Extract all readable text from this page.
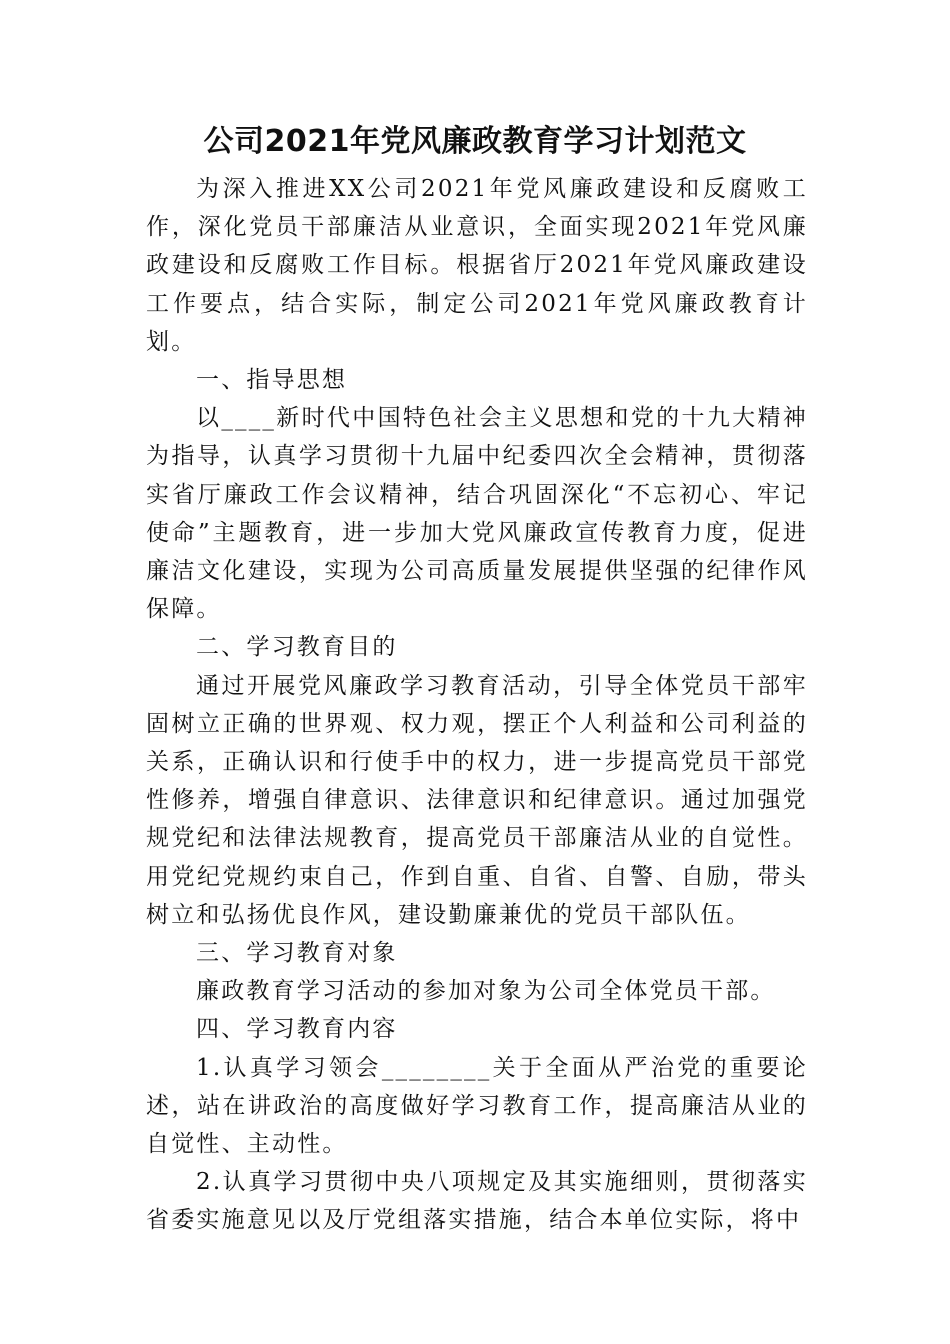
公司2021年党风廉政教育学习计划范文

为深入推进XX公司2021年党风廉政建设和反腐败工作，深化党员干部廉洁从业意识，全面实现2021年党风廉政建设和反腐败工作目标。根据省厅2021年党风廉政建设工作要点，结合实际，制定公司2021年党风廉政教育计划。

一、指导思想

以____新时代中国特色社会主义思想和党的十九大精神为指导，认真学习贯彻十九届中纪委四次全会精神，贯彻落实省厅廉政工作会议精神，结合巩固深化“不忘初心、牢记使命”主题教育，进一步加大党风廉政宣传教育力度，促进廉洁文化建设，实现为公司高质量发展提供坚强的纪律作风保障。

二、学习教育目的

通过开展党风廉政学习教育活动，引导全体党员干部牢固树立正确的世界观、权力观，摆正个人利益和公司利益的关系，正确认识和行使手中的权力，进一步提高党员干部党性修养，增强自律意识、法律意识和纪律意识。通过加强党规党纪和法律法规教育，提高党员干部廉洁从业的自觉性。用党纪党规约束自己，作到自重、自省、自警、自励，带头树立和弘扬优良作风，建设勤廉兼优的党员干部队伍。

三、学习教育对象

廉政教育学习活动的参加对象为公司全体党员干部。

四、学习教育内容

1.认真学习领会________关于全面从严治党的重要论述，站在讲政治的高度做好学习教育工作，提高廉洁从业的自觉性、主动性。

2.认真学习贯彻中央八项规定及其实施细则，贯彻落实省委实施意见以及厅党组落实措施，结合本单位实际，将中
